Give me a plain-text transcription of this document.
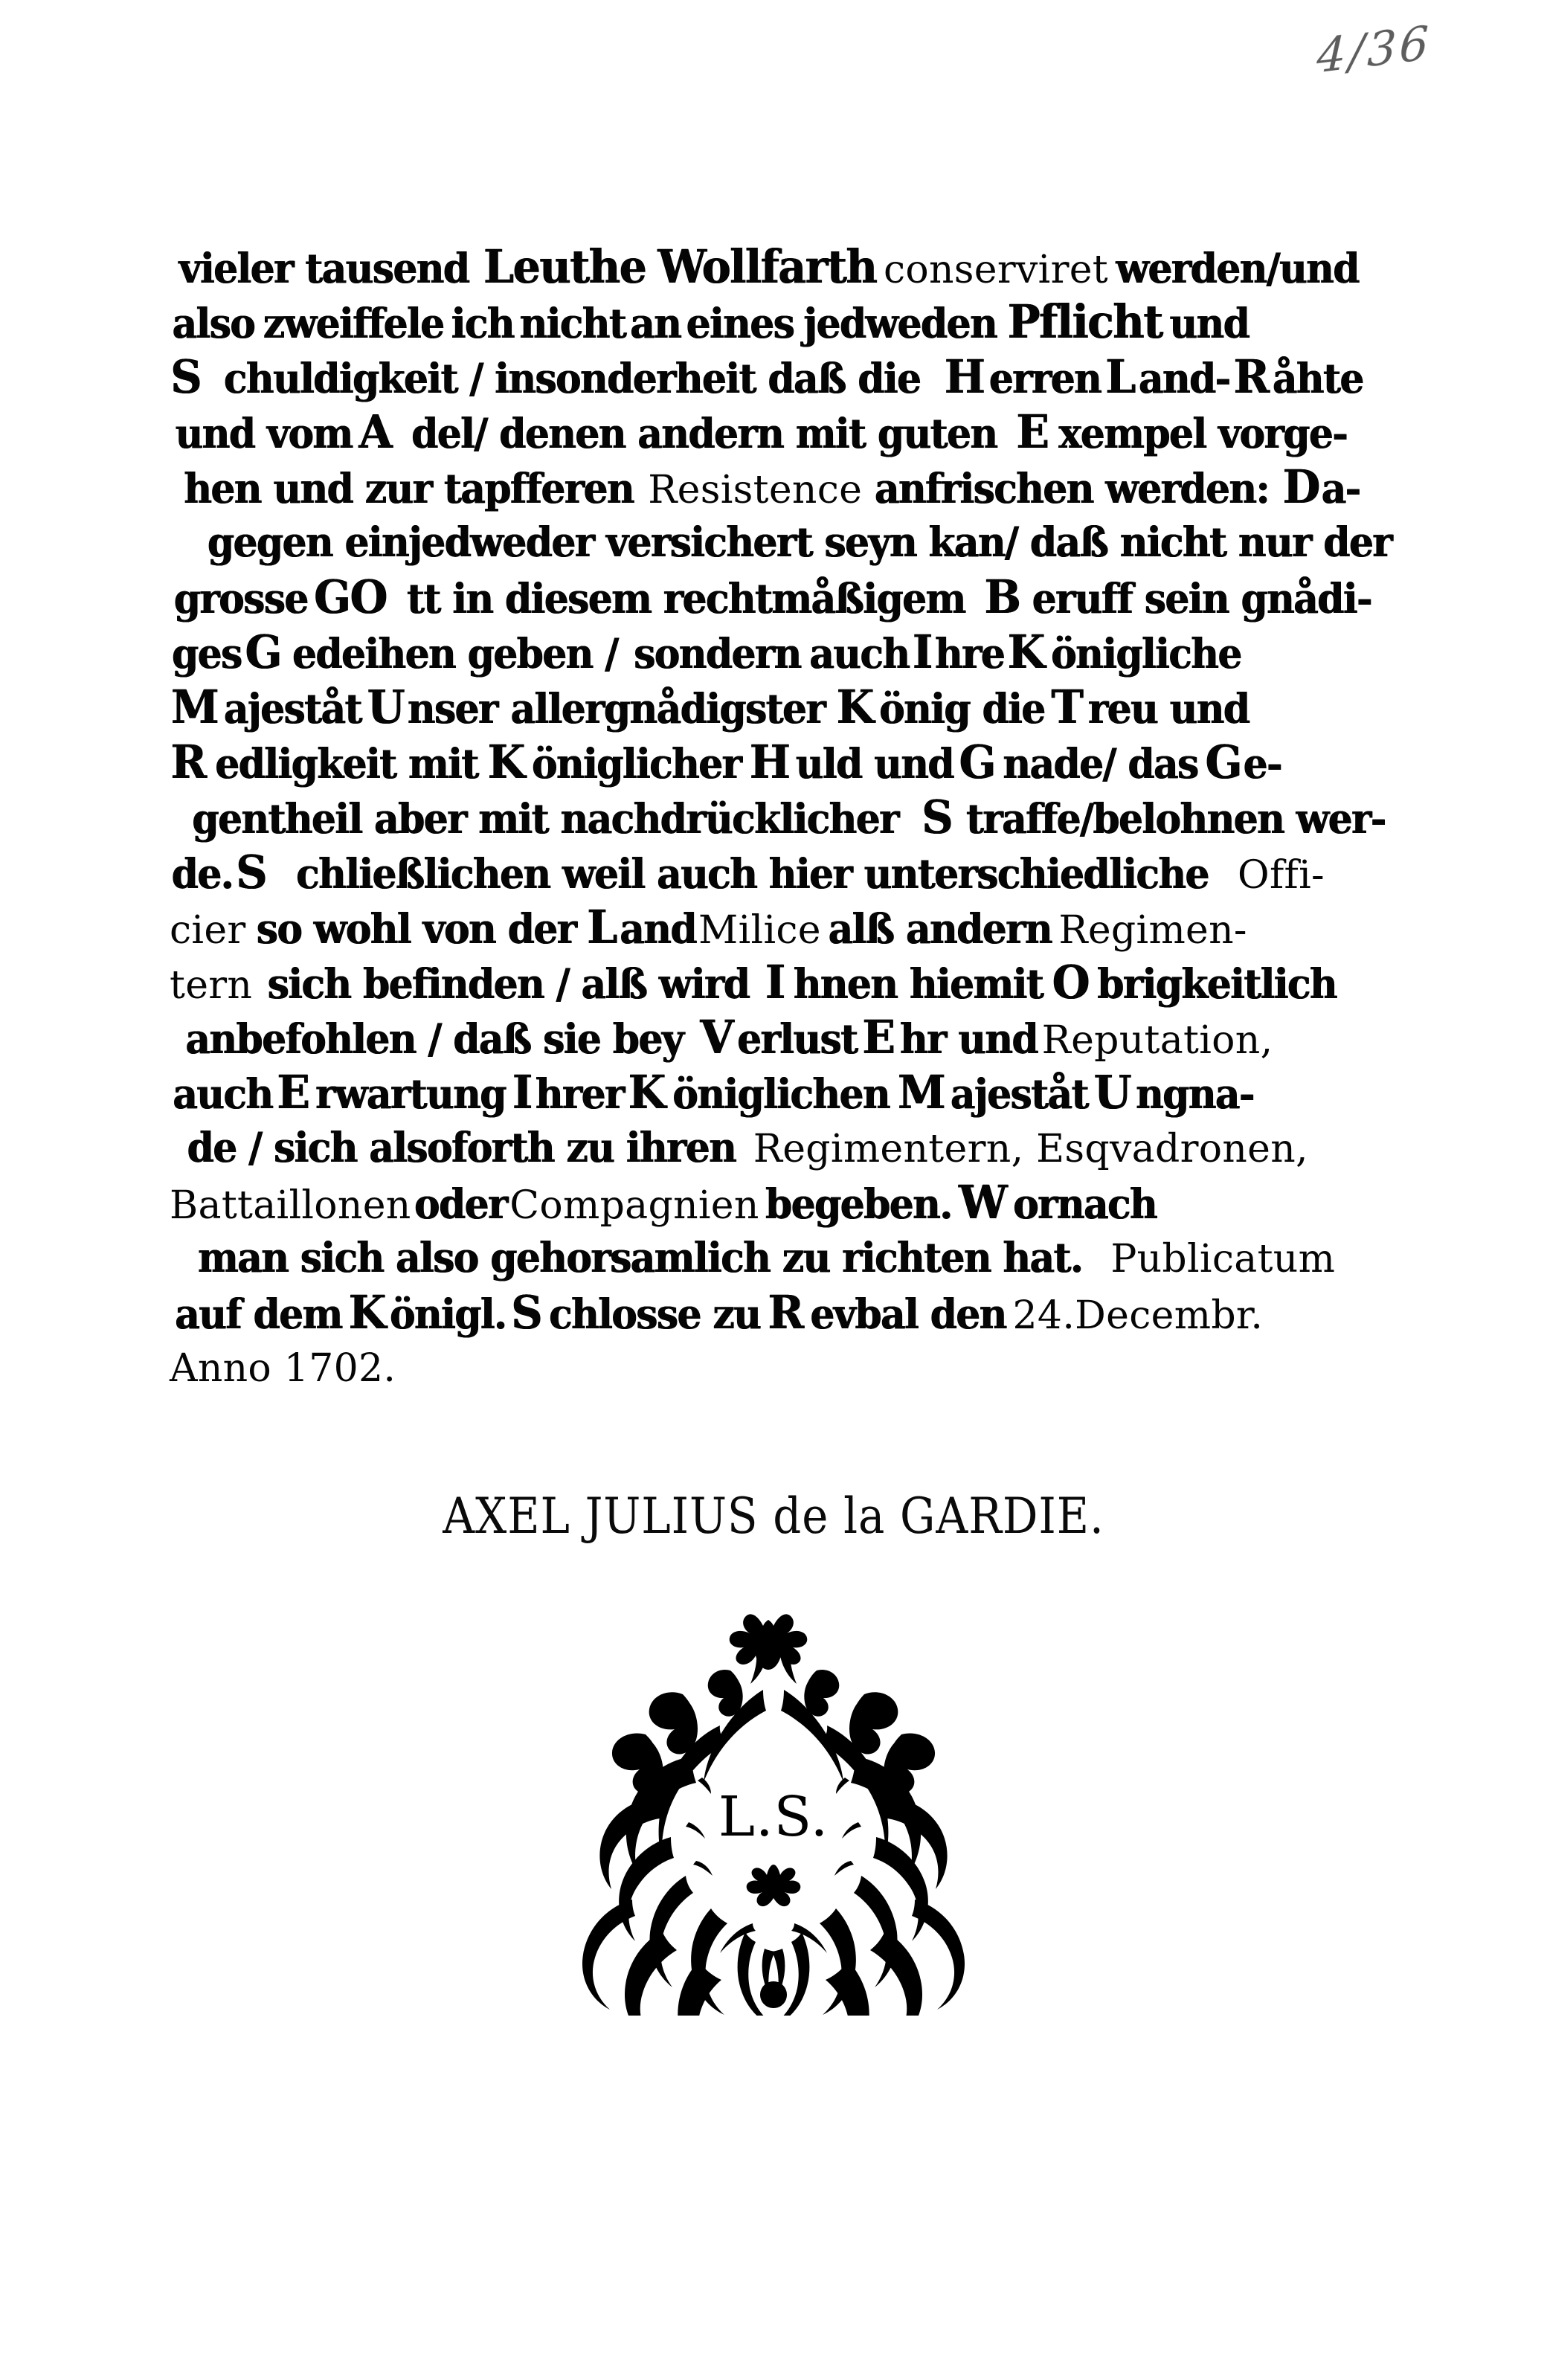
4/36
vieler tausendLeuthe Wollfarth conserviret werden/und
also zweiffele ich nicht an eines jedweden Pflicht und
S chuldigkeit / insonderheit daß dieH errenLand-Råhte
und vomA del/ denen andern mit gutenE xempel vorge-
hen und zur tapfferenResistenceanfrischen werden: Da-
gegen einjedweder versichert seyn kan/ daß nicht nur der
grosseGO tt in diesem rechtmåßigemB eruff sein gnådi-
gesG edeihen geben /sondernauchIhreK önigliche
M ajeståt UnserallergnådigsterK önig dieT reu und
R edligkeit mitK öniglicherH uld undG nade/ dasGe-
gentheil aber mit nachdrücklicherS traffe/belohnen wer-
de.S chließlichen weil auch hier unterschiedlicheOffi-
cierso wohl von derLandMilicealß andernRegimen-
ternsich befinden / alß wirdI hnen hiemitO brigkeitlich
anbefohlen / daß sie beyV erlustE hr undReputation,
auchE rwartungIhrerK öniglichenM ajeståtU ngna-
de / sich alsoforth zu ihrenRegimentern, Esqvadronen,
BattaillonenoderCompagnienbegeben. W ornach
man sich also gehorsamlich zu richten hat. Publicatum
auf demK önigl.S chlosse zuR evbal den24.Decembr.
Anno 1702.
AXEL JULIUS de la GARDIE.
L.S.
